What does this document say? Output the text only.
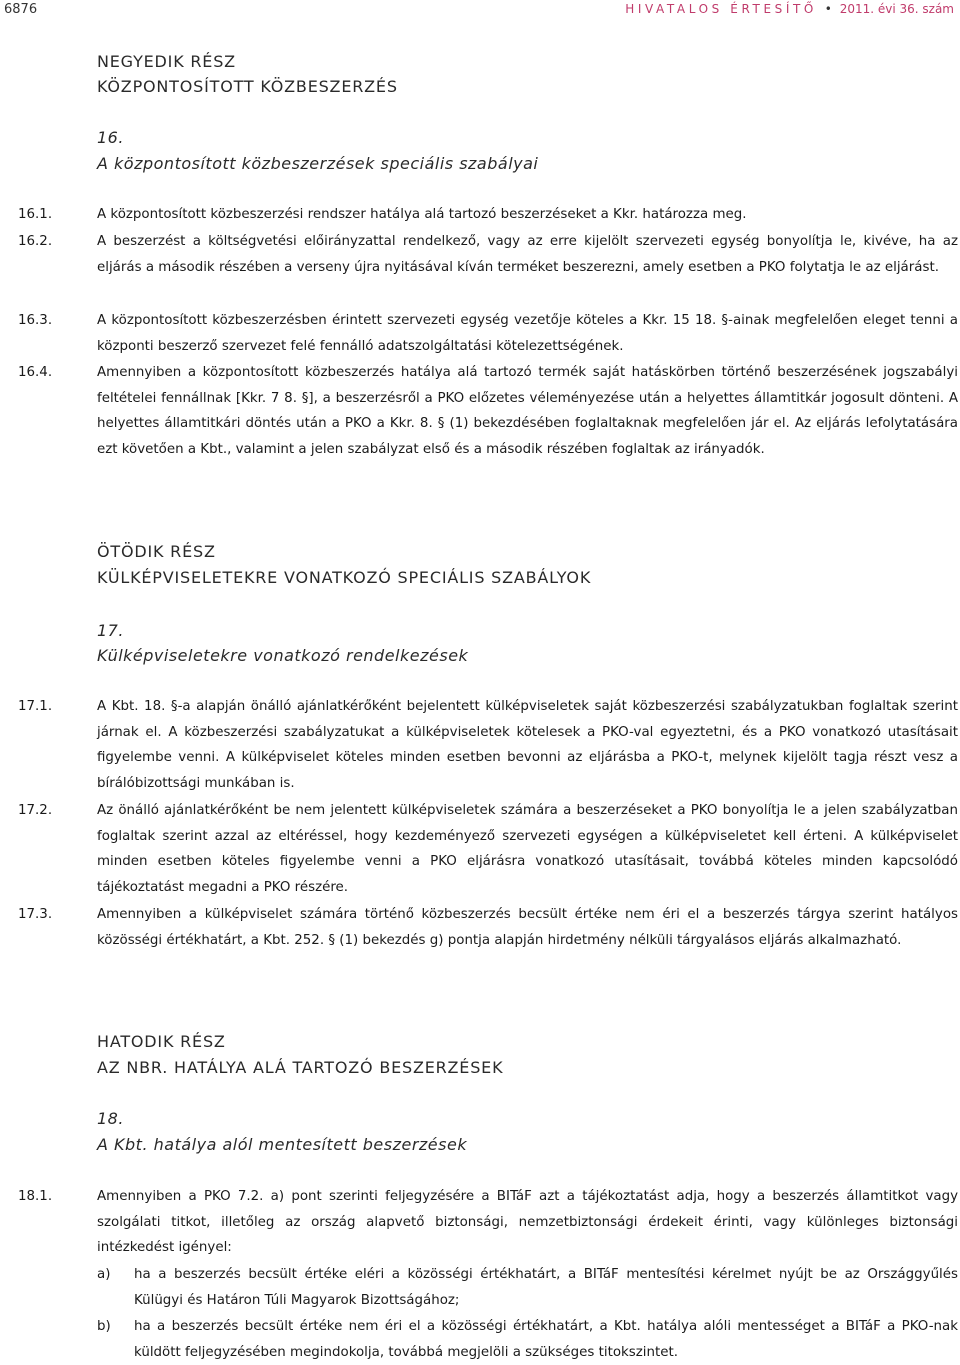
6876	HIVATALOS ÉRTESÍTŐ • 2011. évi 36. szám
NEGYEDIK RÉSZ
KÖZPONTOSÍTOTT KÖZBESZERZÉS
16.
A központosított közbeszerzések speciális szabályai
16.1.	A központosított közbeszerzési rendszer hatálya alá tartozó beszerzéseket a Kkr. határozza meg.
16.2.	A beszerzést a költségvetési előirányzattal rendelkező, vagy az erre kijelölt szervezeti egység bonyolítja le, kivéve, ha az eljárás a második részében a verseny újra nyitásával kíván terméket beszerezni, amely esetben a PKO folytatja le az eljárást.
16.3.	A központosított közbeszerzésben érintett szervezeti egység vezetője köteles a Kkr. 15 18. §-ainak megfelelően eleget tenni a központi beszerző szervezet felé fennálló adatszolgáltatási kötelezettségének.
16.4.	Amennyiben a központosított közbeszerzés hatálya alá tartozó termék saját hatáskörben történő beszerzésének jogszabályi feltételei fennállnak [Kkr. 7 8. §], a beszerzésről a PKO előzetes véleményezése után a helyettes államtitkár jogosult dönteni. A helyettes államtitkári döntés után a PKO a Kkr. 8. § (1) bekezdésében foglaltaknak megfelelően jár el. Az eljárás lefolytatására ezt követően a Kbt., valamint a jelen szabályzat első és a második részében foglaltak az irányadók.
ÖTÖDIK RÉSZ
KÜLKÉPVISELETEKRE VONATKOZÓ SPECIÁLIS SZABÁLYOK
17.
Külképviseletekre vonatkozó rendelkezések
17.1.	A Kbt. 18. §-a alapján önálló ajánlatkérőként bejelentett külképviseletek saját közbeszerzési szabályzatukban foglaltak szerint járnak el. A közbeszerzési szabályzatukat a külképviseletek kötelesek a PKO-val egyeztetni, és a PKO vonatkozó utasításait figyelembe venni. A külképviselet köteles minden esetben bevonni az eljárásba a PKO-t, melynek kijelölt tagja részt vesz a bírálóbizottsági munkában is.
17.2.	Az önálló ajánlatkérőként be nem jelentett külképviseletek számára a beszerzéseket a PKO bonyolítja le a jelen szabályzatban foglaltak szerint azzal az eltéréssel, hogy kezdeményező szervezeti egységen a külképviseletet kell érteni. A külképviselet minden esetben köteles figyelembe venni a PKO eljárásra vonatkozó utasításait, továbbá köteles minden kapcsolódó tájékoztatást megadni a PKO részére.
17.3.	Amennyiben a külképviselet számára történő közbeszerzés becsült értéke nem éri el a beszerzés tárgya szerint hatályos közösségi értékhatárt, a Kbt. 252. § (1) bekezdés g) pontja alapján hirdetmény nélküli tárgyalásos eljárás alkalmazható.
HATODIK RÉSZ
AZ NBR. HATÁLYA ALÁ TARTOZÓ BESZERZÉSEK
18.
A Kbt. hatálya alól mentesített beszerzések
18.1.	Amennyiben a PKO 7.2. a) pont szerinti feljegyzésére a BITáF azt a tájékoztatást adja, hogy a beszerzés államtitkot vagy szolgálati titkot, illetőleg az ország alapvető biztonsági, nemzetbiztonsági érdekeit érinti, vagy különleges biztonsági intézkedést igényel:
a) ha a beszerzés becsült értéke eléri a közösségi értékhatárt, a BITáF mentesítési kérelmet nyújt be az Országgyűlés Külügyi és Határon Túli Magyarok Bizottságához;
b) ha a beszerzés becsült értéke nem éri el a közösségi értékhatárt, a Kbt. hatálya alóli mentességet a BITáF a PKO-nak küldött feljegyzésében megindokolja, továbbá megjelöli a szükséges titokszintet.
